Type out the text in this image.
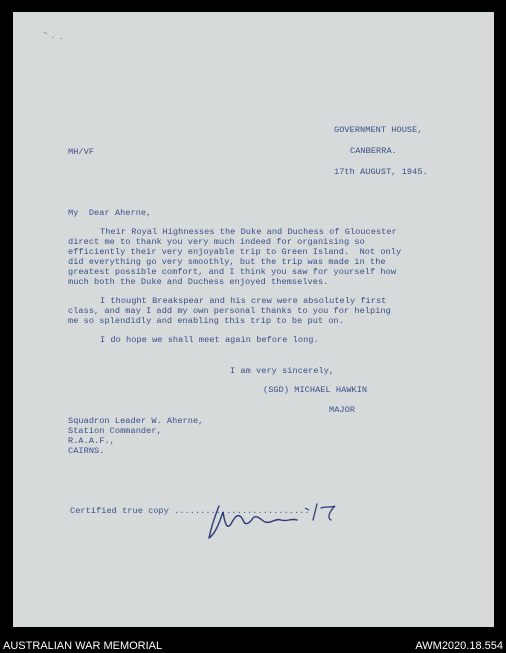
~ . -

MH/VF

GOVERNMENT HOUSE,

CANBERRA.

17th AUGUST, 1945.

My  Dear Aherne,

Their Royal Highnesses the Duke and Duchess of Gloucester

direct me to thank you very much indeed for organising so

efficiently their very enjoyable trip to Green Island.  Not only

did everything go very smoothly, but the trip was made in the

greatest possible comfort, and I think you saw for yourself how

much both the Duke and Duchess enjoyed themselves.

I thought Breakspear and his crew were absolutely first

class, and may I add my own personal thanks to you for helping

me so splendidly and enabling this trip to be put on.

I do hope we shall meet again before long.

I am very sincerely,

(SGD) MICHAEL HAWKIN

MAJOR

Squadron Leader W. Aherne,

Station Commander,

R.A.A.F.,

CAIRNS.

Certified true copy ..........................

AUSTRALIAN WAR MEMORIAL	AWM2020.18.554
